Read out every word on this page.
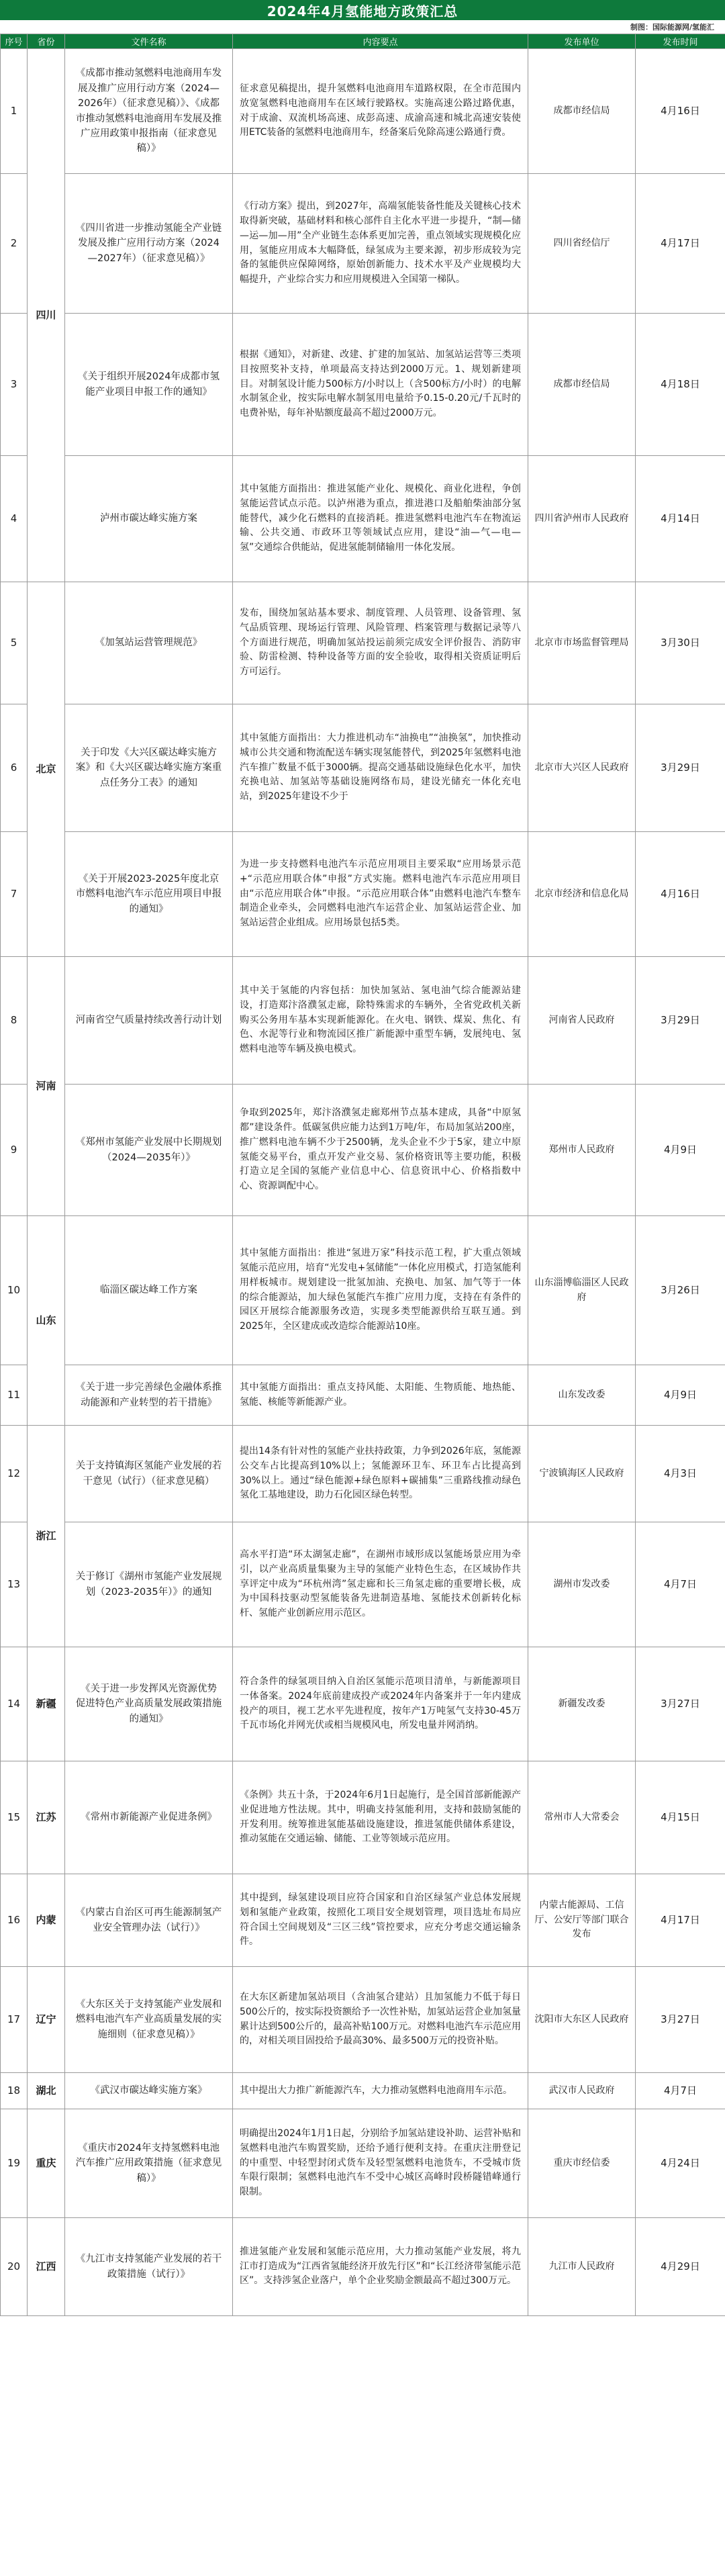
2024年4月氢能地方政策汇总
制图：国际能源网/氢能汇
序号	省份	文件名称	内容要点	发布单位	发布时间
1	四川	《成都市推动氢燃料电池商用车发展及推广应用行动方案（2024—2026年）（征求意见稿）》、《成都市推动氢燃料电池商用车发展及推广应用政策申报指南（征求意见稿）》	征求意见稿提出，提升氢燃料电池商用车道路权限，在全市范围内放宽氢燃料电池商用车在区域行驶路权。实施高速公路过路优惠，对于成渝、双流机场高速、成彭高速、成渝高速和城北高速安装使用ETC装备的氢燃料电池商用车，经备案后免除高速公路通行费。	成都市经信局	4月16日
2		《四川省进一步推动氢能全产业链发展及推广应用行动方案（2024—2027年）（征求意见稿）》	《行动方案》提出，到2027年，高端氢能装备性能及关键核心技术取得新突破，基础材料和核心部件自主化水平进一步提升，“制—储—运—加—用”全产业链生态体系更加完善，重点领域实现规模化应用，氢能应用成本大幅降低，绿氢成为主要来源，初步形成较为完备的氢能供应保障网络，原始创新能力、技术水平及产业规模均大幅提升，产业综合实力和应用规模进入全国第一梯队。	四川省经信厅	4月17日
3		《关于组织开展2024年成都市氢能产业项目申报工作的通知》	根据《通知》，对新建、改建、扩建的加氢站、加氢站运营等三类项目按照奖补支持，单项最高支持达到2000万元。1、规划新建项目。对制氢设计能力500标方/小时以上（含500标方/小时）的电解水制氢企业，按实际电解水制氢用电量给予0.15-0.20元/千瓦时的电费补贴，每年补贴额度最高不超过2000万元。	成都市经信局	4月18日
4		泸州市碳达峰实施方案	其中氢能方面指出：推进氢能产业化、规模化、商业化进程，争创氢能运营试点示范。以泸州港为重点，推进港口及船舶柴油部分氢能替代，减少化石燃料的直接消耗。推进氢燃料电池汽车在物流运输、公共交通、市政环卫等领域试点应用，建设“油—气—电—氢”交通综合供能站，促进氢能制储输用一体化发展。	四川省泸州市人民政府	4月14日
5	北京	《加氢站运营管理规范》	发布，围绕加氢站基本要求、制度管理、人员管理、设备管理、氢气品质管理、现场运行管理、风险管理、档案管理与数据记录等八个方面进行规范，明确加氢站投运前须完成安全评价报告、消防审验、防雷检测、特种设备等方面的安全验收，取得相关资质证明后方可运行。	北京市市场监督管理局	3月30日
6		关于印发《大兴区碳达峰实施方案》和《大兴区碳达峰实施方案重点任务分工表》的通知	其中氢能方面指出：大力推进机动车“油换电”“油换氢”，加快推动城市公共交通和物流配送车辆实现氢能替代，到2025年氢燃料电池汽车推广数量不低于3000辆。提高交通基础设施绿色化水平，加快充换电站、加氢站等基础设施网络布局，建设光储充一体化充电站，到2025年建设不少于	北京市大兴区人民政府	3月29日
7		《关于开展2023-2025年度北京市燃料电池汽车示范应用项目申报的通知》	为进一步支持燃料电池汽车示范应用项目主要采取“应用场景示范+“示范应用联合体”申报”方式实施。燃料电池汽车示范应用项目由“示范应用联合体”申报。“示范应用联合体”由燃料电池汽车整车制造企业牵头，会同燃料电池汽车运营企业、加氢站运营企业、加氢站运营企业组成。应用场景包括5类。	北京市经济和信息化局	4月16日
8	河南	河南省空气质量持续改善行动计划	其中关于氢能的内容包括：加快加氢站、氢电油气综合能源站建设，打造郑汴洛濮氢走廊，除特殊需求的车辆外，全省党政机关新购买公务用车基本实现新能源化。在火电、钢铁、煤炭、焦化、有色、水泥等行业和物流园区推广新能源中重型车辆，发展纯电、氢燃料电池等车辆及换电模式。	河南省人民政府	3月29日
9		《郑州市氢能产业发展中长期规划（2024—2035年）》	争取到2025年，郑汴洛濮氢走廊郑州节点基本建成，具备“中原氢都”建设条件。低碳氢供应能力达到1万吨/年，布局加氢站200座，推广燃料电池车辆不少于2500辆，龙头企业不少于5家，建立中原氢能交易平台，重点开发产业交易、氢价格资讯等主要功能，积极打造立足全国的氢能产业信息中心、信息资讯中心、价格指数中心、资源调配中心。	郑州市人民政府	4月9日
10	山东	临淄区碳达峰工作方案	其中氢能方面指出：推进“氢进万家”科技示范工程，扩大重点领域氢能示范应用，培育“光发电+氢储能”一体化应用模式，打造氢能利用样板城市。规划建设一批氢加油、充换电、加氢、加气等于一体的综合能源站，加大绿色氢能汽车推广应用力度，支持在有条件的园区开展综合能源服务改造，实现多类型能源供给互联互通。到2025年，全区建成或改造综合能源站10座。	山东淄博临淄区人民政府	3月26日
11		《关于进一步完善绿色金融体系推动能源和产业转型的若干措施》	其中氢能方面指出：重点支持风能、太阳能、生物质能、地热能、氢能、核能等新能源产业。	山东发改委	4月9日
12	浙江	关于支持镇海区氢能产业发展的若干意见（试行）（征求意见稿）	提出14条有针对性的氢能产业扶持政策，力争到2026年底，氢能源公交车占比提高到10%以上；氢能源环卫车、环卫车占比提高到30%以上。通过“绿色能源+绿色原料+碳捕集”三重路线推动绿色氢化工基地建设，助力石化园区绿色转型。	宁波镇海区人民政府	4月3日
13		关于修订《湖州市氢能产业发展规划（2023-2035年）》的通知	高水平打造“环太湖氢走廊”，在湖州市域形成以氢能场景应用为牵引，以产业高质量集聚为主导的氢能产业特色生态，在区域协作共享评定中成为“环杭州湾”氢走廊和长三角氢走廊的重要增长极，成为中国科技驱动型氢能装备先进制造基地、氢能技术创新转化标杆、氢能产业创新应用示范区。	湖州市发改委	4月7日
14	新疆	《关于进一步发挥风光资源优势 促进特色产业高质量发展政策措施的通知》	符合条件的绿氢项目纳入自治区氢能示范项目清单，与新能源项目一体备案。2024年底前建成投产或2024年内备案并于一年内建成投产的项目，视工艺水平先进程度，按年产1万吨氢气支持30-45万千瓦市场化并网光伏或相当规模风电，所发电量并网消纳。	新疆发改委	3月27日
15	江苏	《常州市新能源产业促进条例》	《条例》共五十条，于2024年6月1日起施行，是全国首部新能源产业促进地方性法规。其中，明确支持氢能利用，支持和鼓励氢能的开发利用。统筹推进氢能基础设施建设，推进氢能供储体系建设，推动氢能在交通运输、储能、工业等领域示范应用。	常州市人大常委会	4月15日
16	内蒙	《内蒙古自治区可再生能源制氢产业安全管理办法（试行）》	其中提到，绿氢建设项目应符合国家和自治区绿氢产业总体发展规划和氢能产业政策，按照化工项目安全规划管理，项目选址布局应符合国土空间规划及“三区三线”管控要求，应充分考虑交通运输条件。	内蒙古能源局、工信厅、公安厅等部门联合发布	4月17日
17	辽宁	《大东区关于支持氢能产业发展和燃料电池汽车产业高质量发展的实施细则（征求意见稿）》	在大东区新建加氢站项目（含油氢合建站）且加氢能力不低于每日500公斤的，按实际投资额给予一次性补贴，加氢站运营企业加氢量累计达到500公斤的，最高补贴100万元。对燃料电池汽车示范应用的，对相关项目固投给予最高30%、最多500万元的投资补贴。	沈阳市大东区人民政府	3月27日
18	湖北	《武汉市碳达峰实施方案》	其中提出大力推广新能源汽车，大力推动氢燃料电池商用车示范。	武汉市人民政府	4月7日
19	重庆	《重庆市2024年支持氢燃料电池汽车推广应用政策措施（征求意见稿）》	明确提出2024年1月1日起，分别给予加氢站建设补助、运营补贴和氢燃料电池汽车购置奖励，还给予通行便利支持。在重庆注册登记的中重型、中轻型封闭式货车及轻型氢燃料电池货车，不受城市货车限行限制；氢燃料电池汽车不受中心城区高峰时段桥隧错峰通行限制。	重庆市经信委	4月24日
20	江西	《九江市支持氢能产业发展的若干政策措施（试行）》	推进氢能产业发展和氢能示范应用，大力推动氢能产业发展，将九江市打造成为“江西省氢能经济开放先行区”和“长江经济带氢能示范区”。支持涉氢企业落户，单个企业奖励金额最高不超过300万元。	九江市人民政府	4月29日
